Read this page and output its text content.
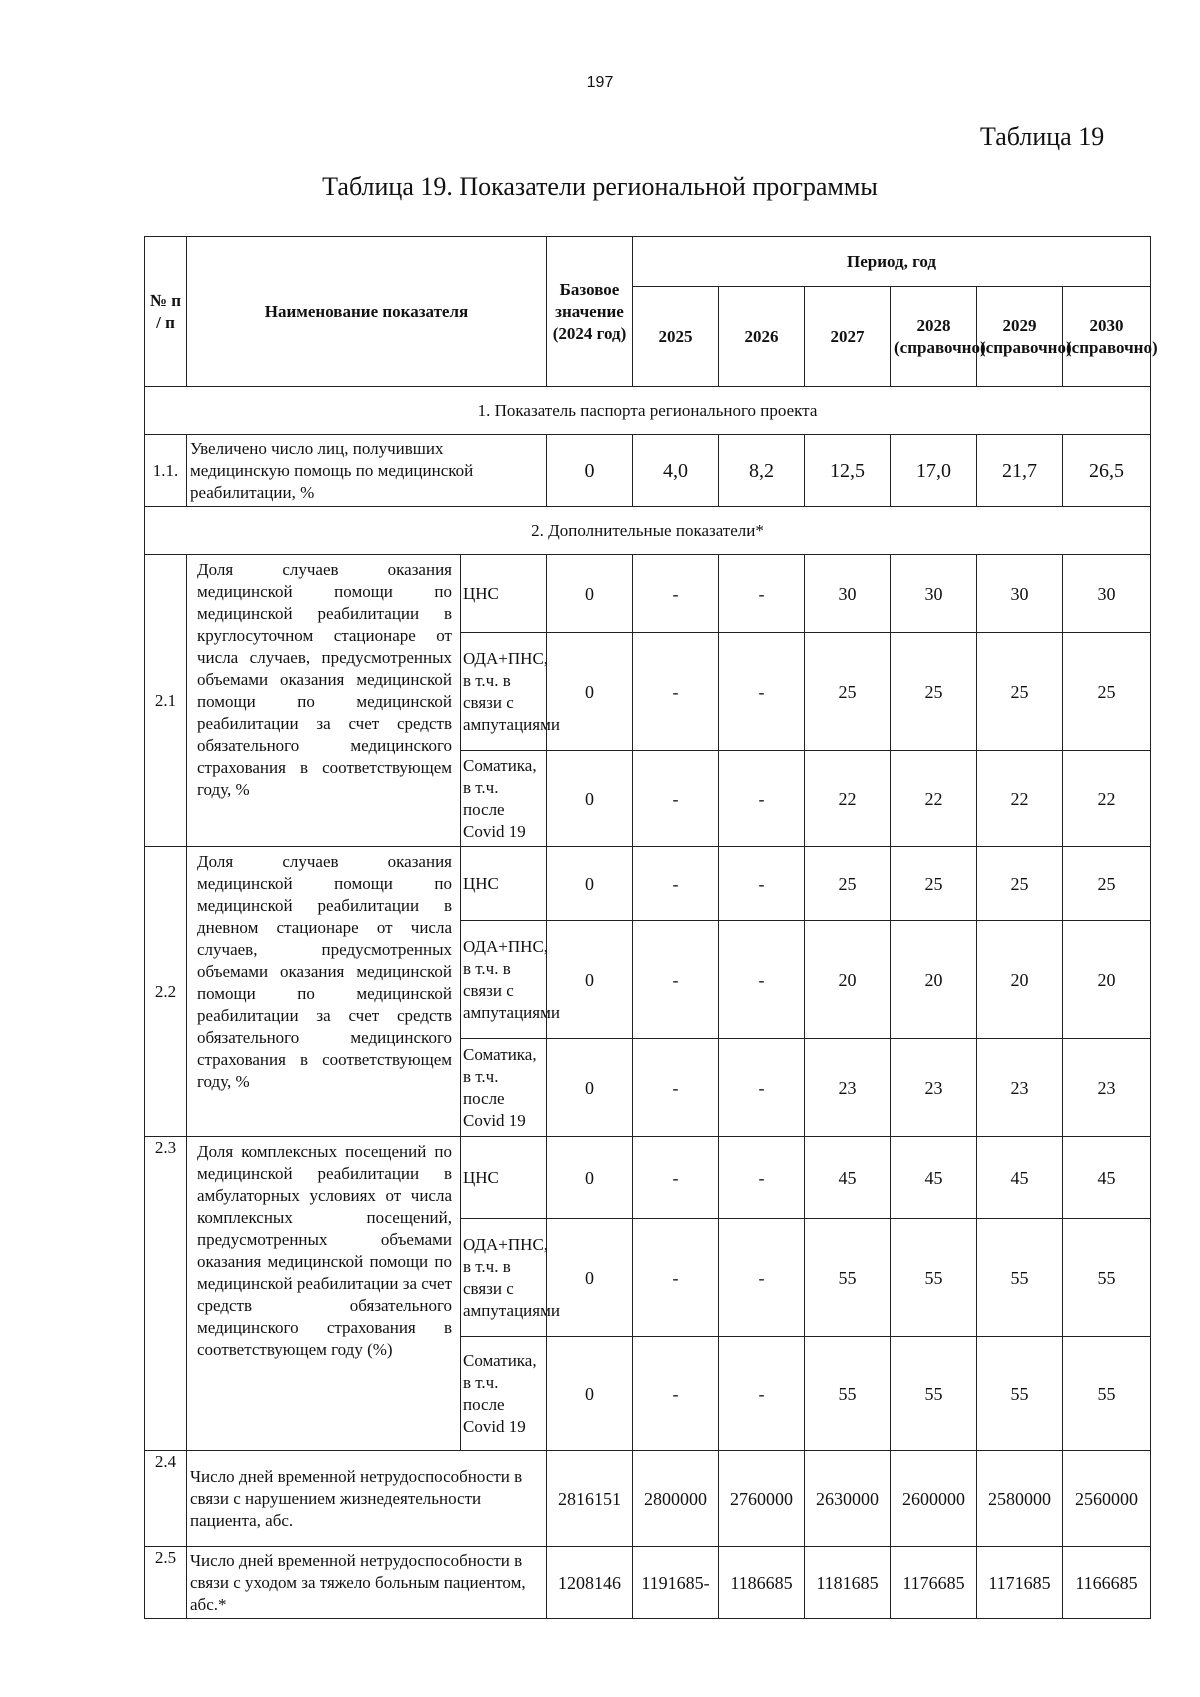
197
Таблица 19
Таблица 19. Показатели региональной программы
№ п / п	Наименование показателя		Базовое значение (2024 год)	Период, год					
				2025	2026	2027	2028 (справочно)	2029 (справочно)	2030 (справочно)
1. Показатель паспорта регионального проекта									
1.1.	Увеличено число лиц, получивших медицинскую помощь по медицинской реабилитации, %		0	4,0	8,2	12,5	17,0	21,7	26,5
2. Дополнительные показатели*									
2.1	Доля случаев оказания медицинской помощи по медицинской реабилитации в круглосуточном стационаре от числа случаев, предусмотренных объемами оказания медицинской помощи по медицинской реабилитации за счет средств обязательного медицинского страхования в соответствующем году, %	ЦНС	0	-	-	30	30	30	30
		ОДА+ПНС, в т.ч. в связи с ампутациями	0	-	-	25	25	25	25
		Соматика, в т.ч. после Covid 19	0	-	-	22	22	22	22
2.2	Доля случаев оказания медицинской помощи по медицинской реабилитации в дневном стационаре от числа случаев, предусмотренных объемами оказания медицинской помощи по медицинской реабилитации за счет средств обязательного медицинского страхования в соответствующем году, %	ЦНС	0	-	-	25	25	25	25
		ОДА+ПНС, в т.ч. в связи с ампутациями	0	-	-	20	20	20	20
		Соматика, в т.ч. после Covid 19	0	-	-	23	23	23	23
2.3	Доля комплексных посещений по медицинской реабилитации в амбулаторных условиях от числа комплексных посещений, предусмотренных объемами оказания медицинской помощи по медицинской реабилитации за счет средств обязательного медицинского страхования в соответствующем году (%)	ЦНС	0	-	-	45	45	45	45
		ОДА+ПНС, в т.ч. в связи с ампутациями	0	-	-	55	55	55	55
		Соматика, в т.ч. после Covid 19	0	-	-	55	55	55	55
2.4	Число дней временной нетрудоспособности в связи с нарушением жизнедеятельности пациента, абс.		2816151	2800000	2760000	2630000	2600000	2580000	2560000
2.5	Число дней временной нетрудоспособности в связи с уходом за тяжело больным пациентом, абс.*		1208146	1191685-	1186685	1181685	1176685	1171685	1166685
